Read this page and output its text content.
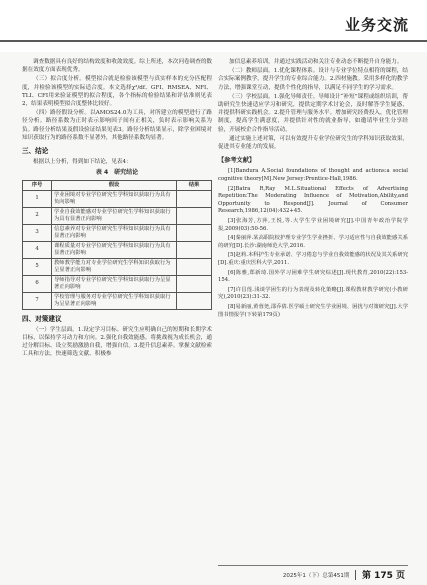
业务交流

调查数据具有良好的结构效度和收敛效度。综上所述，本次问卷调查的数据在效度方面表现优秀。

（三）拟合度分析。模型拟合就是检验该模型与真实样本的充分匹配程度，并检验该模型的实际适合度。本文选择χ²/df、GFI、RMSEA、NFI、TLI、CFI用来验证模型的拟合程度，各个指标的检验结果和评估准则见表2，结果表明模型拟合度整体比较好。

（四）路径假设分析。以AMOS24.0为工具，对所建立的模型进行了路径分析。路径系数为正时表示影响因子间有正相关，负时表示影响关系为负。路径分析结果及假设验证结果见表3。路径分析结果显示，除学业困境对知识获取行为的路径系数不显著外，其他路径系数均显著。

三、结论

根据以上分析，得到如下结论，见表4：

表 4　研究结论
序号	假设	结果
1	学业困境对专业学位研究生学科知识获取行为具有负向影响	
2	学业自我效能感对专业学位研究生学科知识获取行为具有显著正向影响	
3	信息素养对专业学位研究生学科知识获取行为具有显著正向影响	
4	课程质量对专业学位研究生学科知识获取行为具有显著正向影响	
5	教师教学能力对专业学位研究生学科知识获取行为呈显著正向影响	
6	导师指导对专业学位研究生学科知识获取行为呈显著正向影响	
7	学校管理与服务对专业学位研究生学科知识获取行为呈显著正向影响	
四、对策建议

（一）学生层面。1.设定学习目标。研究生应明确自己的短期和长期学术目标，以保持学习动力和方向。2.强化自我效能感。将挑战视为成长机会，通过分解目标、设立奖励激励自我，增强自信。3.提升信息素养。掌握文献检索工具和方法，快速筛选文献、积极参

加信息素养培训，并通过实践活动和关注专业动态不断提升自身能力。

（二）教师层面。1.优化课程体系。设计与专业学位特点相符的课程，结合实际案例教学，提升学生的专业综合能力。2.四材施教。采用多样化的教学方法，增强课堂互动，提供个性化的指导，以满足不同学生的学习需求。

（三）学校层面。1.强化导师责任。导师设计“补短”课程或组织培训，帮助研究生快速适应学习和研究，提供定期学术讨论会，及时解答学生疑惑，并提供科研实践机会。2.提升管理与服务水平。增加研究经费投入，优化管理制度，提高学生满意度，并提供针对性的就业指导，如邀请毕业生分享经验，开展校企合作指导活动。

通过实施上述对策，可以有效提升专业学位研究生的学科知识获取效果，促进其专业能力的发展。

【参考文献】
[1]Bandura A.Social foundations of thought and actions:a social cognitive theory[M].New Jersey:Prentice-Hall,1986.
[2]Batra R,Ray M.L.Situational Effects of Advertising Repetition:The Moderating Influence of Motivation,Ability,and Opportunity to Respond[J]. Journal of Consumer Research,1986,12(04):432+45.
[3]张海芳,方萍,王悦,等.大学生学业困境研究[J].中国青年政治学院学报,2009(03):50-56.
[4]秦丽萍.某高职院校护理专业学生学业挫折、学习适应性与自我效能感关系的研究[D].长沙:湖南师范大学,2016.
[5]赵莉.本科护生专业承诺、学习倦怠与学业自我效能感的状况及其关系研究[D].重庆:重庆医科大学,2011.
[6]陈雅,郑新琦.国外学习困难学生研究综述[J].现代教育,2010(22):153-154.
[7]许昌莲.浅谈学困生的行为表现及转化策略[J].课程教材教学研究(小教研究),2010(23):31-32.
[8]易新丽,黄蓉尧,邵乔倩.医学硕士研究生学业困境、困扰与对策研究[J].大学图书情报学(下转第179页)
2025年1（下）总第451期 第 175 页
